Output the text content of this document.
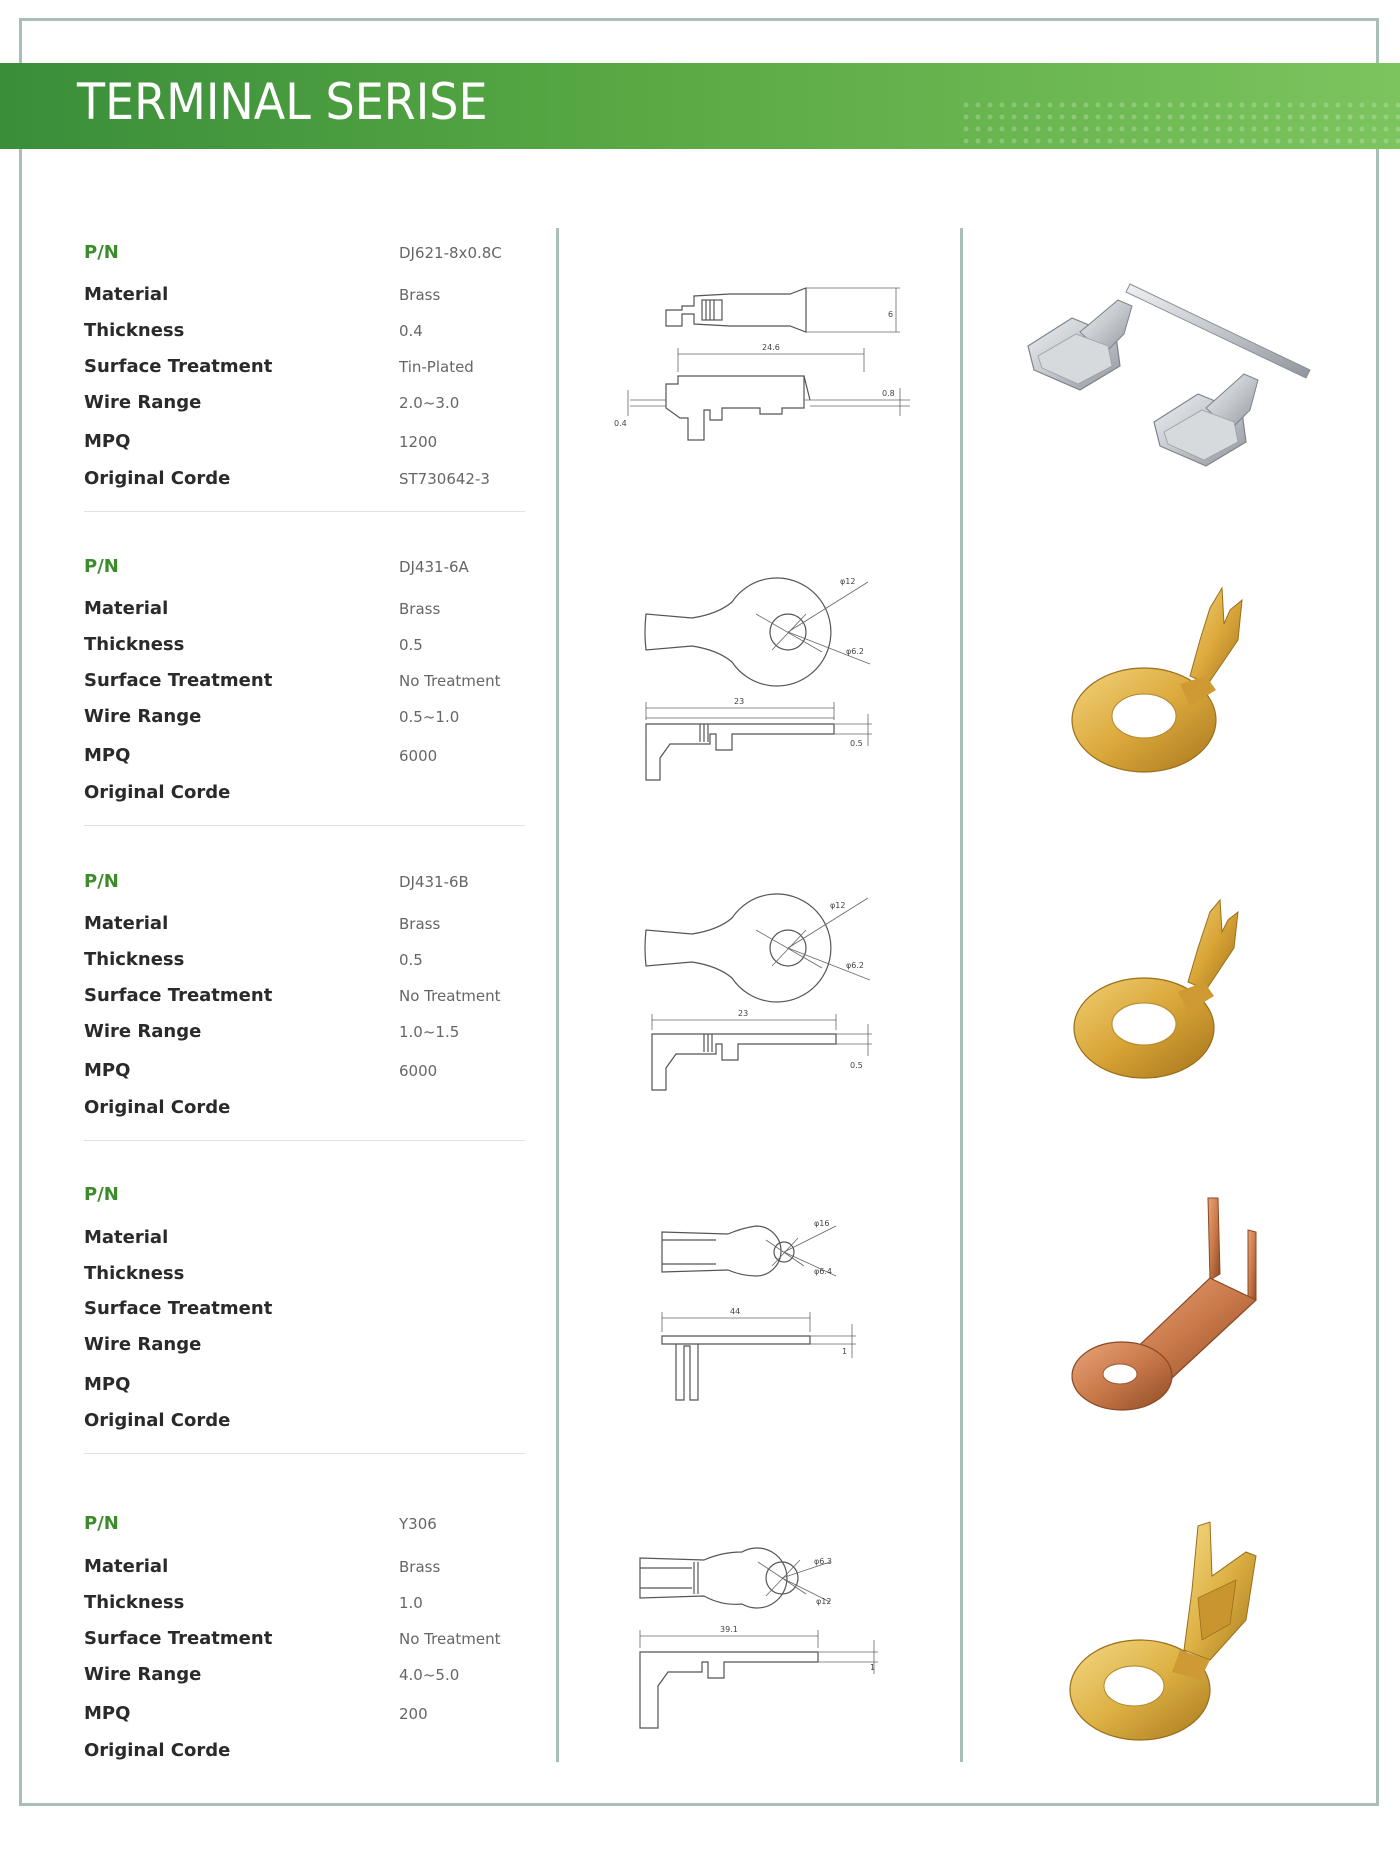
TERMINAL SERISE
P/N	DJ621-8x0.8C
Material	Brass
Thickness	0.4
Surface Treatment	Tin-Plated
Wire Range	2.0~3.0
MPQ	1200
Original Corde	ST730642-3
6
24.6
0.8
0.4
P/N	DJ431-6A
Material	Brass
Thickness	0.5
Surface Treatment	No Treatment
Wire Range	0.5~1.0
MPQ	6000
Original Corde
φ12
φ6.2
23
0.5
P/N	DJ431-6B
Material	Brass
Thickness	0.5
Surface Treatment	No Treatment
Wire Range	1.0~1.5
MPQ	6000
Original Corde
φ12
φ6.2
23
0.5
P/N
Material
Thickness
Surface Treatment
Wire Range
MPQ
Original Corde
φ16
φ6.4
44
1
P/N	Y306
Material	Brass
Thickness	1.0
Surface Treatment	No Treatment
Wire Range	4.0~5.0
MPQ	200
Original Corde
φ6.3
φ12
39.1
1
